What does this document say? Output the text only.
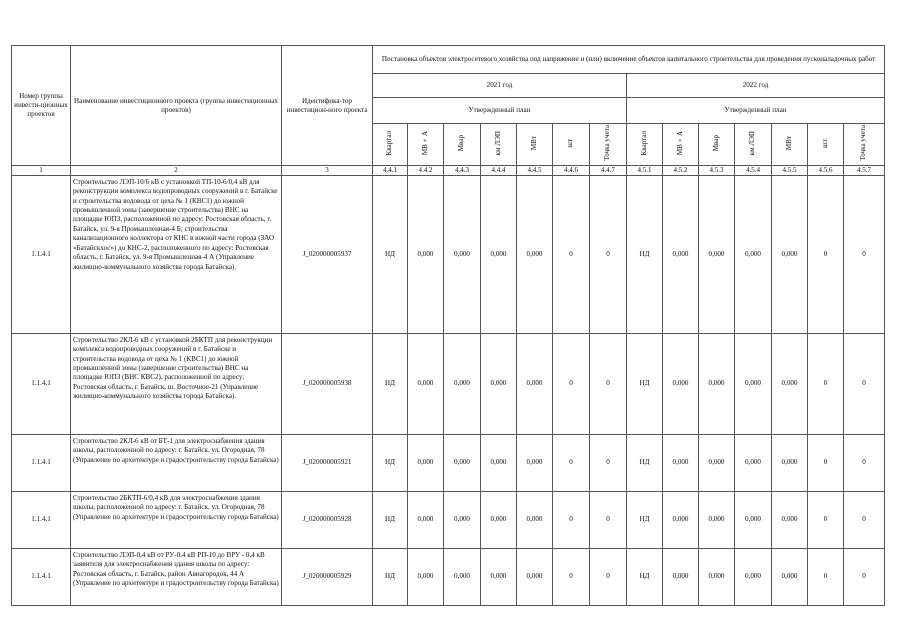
Номер группы инвести-ционных проектов	Наименование инвестиционного проекта (группы инвестиционных проектов)	Идентифика-тор инвестицион-ного проекта	Постановка объектов электросетевого хозяйства под напряжение и (или) включение объектов капитального строительства для проведения пусконаладочных работ													
			2021 год							2022 год						
			Утвержденный план							Утвержденный план						
			Квартал	МВ×А	Мвар	км ЛЭП	МВт	шт	Точка учета	Квартал	МВ×А	Мвар	км ЛЭП	МВт	шт.	Точка учета
1	2	3	4.4.1	4.4.2	4.4.3	4.4.4	4.4.5	4.4.6	4.4.7	4.5.1	4.5.2	4.5.3	4.5.4	4.5.5	4.5.6	4.5.7
1.1.4.1	Строительство ЛЭП-10/6 кВ с установкой ТП-10-6/0,4 кВ для реконструкции комплекса водопроводных сооружений в г. Батайске и строительства водовода от цеха № 1 (КВС1) до южной промышленной зоны (завершение строительства) ВНС на площадке ЮПЗ, расположенной по адресу: Ростовская область, г. Батайск, ул. 9-я Промышленная-4 Б; строительства канализационного коллектора от КНС в южной части города (ЗАО «Батайскхос») до КНС-2, расположенного по адресу: Ростовская область, г. Батайск, ул. 9-я Промышленная-4 А (Управление жилищно-коммунального хозяйства города Батайска).	J_020000005937	НД	0,000	0,000	0,000	0,000	0	0	НД	0,000	0,000	0,000	0,000	0	0
1.1.4.1	Строительство 2КЛ-6 кВ с установкой 2БКТП для реконструкции комплекса водопроводных сооружений в г. Батайске и строительства водовода от цеха № 1 (КВС1) до южной промышленной зоны (завершение строительства) ВНС на площадке ЮПЗ (ВНС КВС2), расположенной по адресу: Ростовская область, г. Батайск, ш. Восточное-21 (Управление жилищно-коммунального хозяйства города Батайска).	J_020000005938	НД	0,000	0,000	0,000	0,000	0	0	НД	0,000	0,000	0,000	0,000	0	0
1.1.4.1	Строительство 2КЛ-6 кВ от БТ-1 для электроснабжения здания школы, расположенной по адресу: г. Батайск, ул. Огородная, 78 (Управление по архитектуре и градостроительству города Батайска)	J_020000005921	НД	0,000	0,000	0,000	0,000	0	0	НД	0,000	0,000	0,000	0,000	0	0
1.1.4.1	Строительство 2БКТП-6/0,4 кВ для электроснабжения здания школы, расположенной по адресу: г. Батайск, ул. Огородная, 78 (Управление по архитектуре и градостроительству города Батайска)	J_020000005928	НД	0,000	0,000	0,000	0,000	0	0	НД	0,000	0,000	0,000	0,000	0	0
1.1.4.1	Строительство ЛЭП-0,4 кВ от РУ-0,4 кВ РП-10 до ВРУ - 0,4 кВ заявителя для электроснабжения здания школы по адресу: Ростовская область, г. Батайск, район Авиагородок, 44 А (Управление по архитектуре и градостроительству города Батайска)	J_020000005929	НД	0,000	0,000	0,000	0,000	0	0	НД	0,000	0,000	0,000	0,000	0	0
